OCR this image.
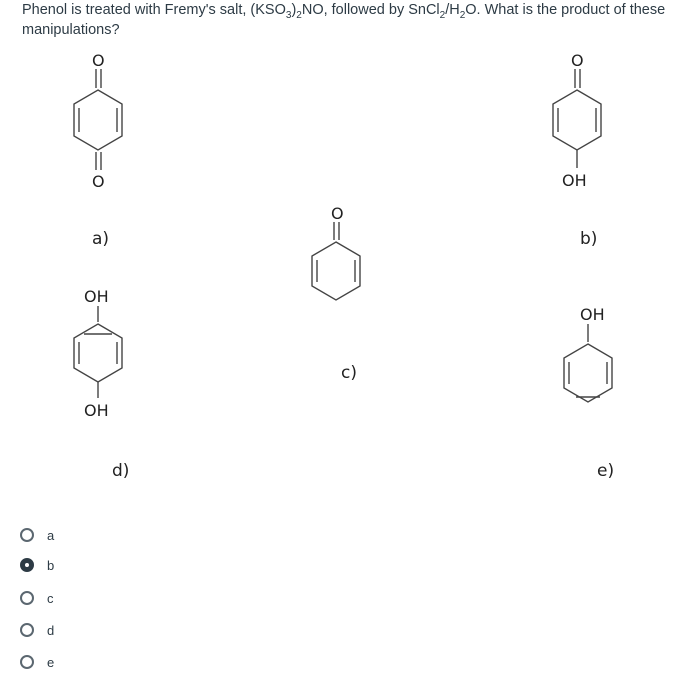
Phenol is treated with Fremy's salt, $(KSO_3)_2NO$, followed by $SnCl_2/H_2O$. What is the product of these manipulations?
O
O
a)
O
OH
b)
O
c)
OH
OH
d)
OH
e)
a
b
c
d
e
